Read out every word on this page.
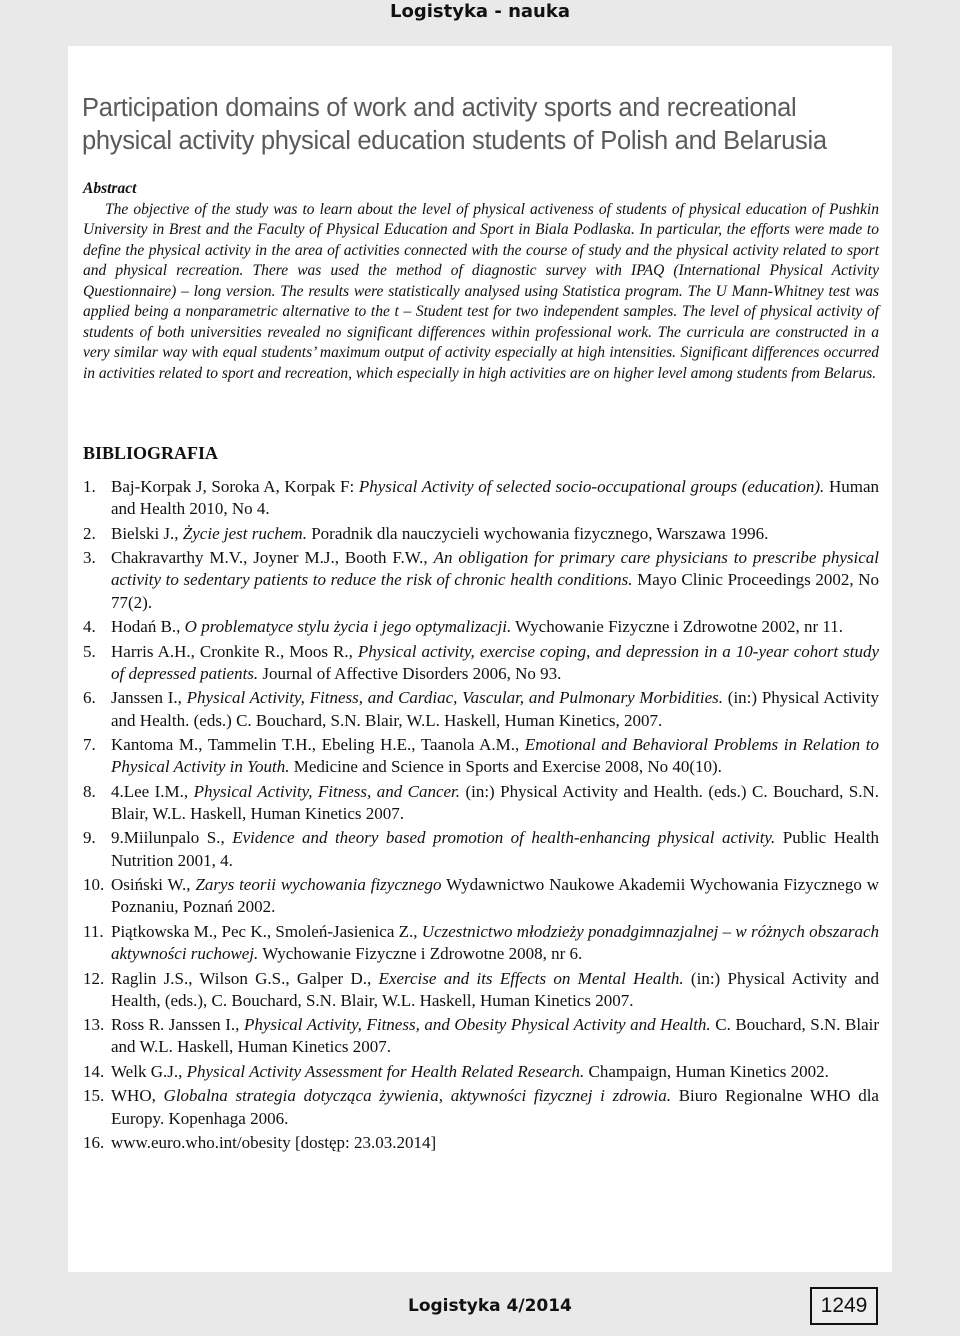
Logistyka - nauka
Participation domains of work and activity sports and recreational physical activity physical education students of Polish and Belarusia
Abstract
The objective of the study was to learn about the level of physical activeness of students of physical education of Pushkin University in Brest and the Faculty of Physical Education and Sport in Biala Podlaska. In particular, the efforts were made to define the physical activity in the area of activities connected with the course of study and the physical activity related to sport and physical recreation. There was used the method of diagnostic survey with IPAQ (International Physical Activity Questionnaire) – long version. The results were statistically analysed using Statistica program. The U Mann-Whitney test was applied being a nonparametric alternative to the t – Student test for two independent samples. The level of physical activity of students of both universities revealed no significant differences within professional work. The curricula are constructed in a very similar way with equal students’ maximum output of activity especially at high intensities. Significant differences occurred in activities related to sport and recreation, which especially in high activities are on higher level among students from Belarus.
BIBLIOGRAFIA
1. Baj-Korpak J, Soroka A, Korpak F: Physical Activity of selected socio-occupational groups (education). Human and Health 2010, No 4.
2. Bielski J., Życie jest ruchem. Poradnik dla nauczycieli wychowania fizycznego, Warszawa 1996.
3. Chakravarthy M.V., Joyner M.J., Booth F.W., An obligation for primary care physicians to prescribe physical activity to sedentary patients to reduce the risk of chronic health conditions. Mayo Clinic Proceedings 2002, No 77(2).
4. Hodań B., O problematyce stylu życia i jego optymalizacji. Wychowanie Fizyczne i Zdrowotne 2002, nr 11.
5. Harris A.H., Cronkite R., Moos R., Physical activity, exercise coping, and depression in a 10-year cohort study of depressed patients. Journal of Affective Disorders 2006, No 93.
6. Janssen I., Physical Activity, Fitness, and Cardiac, Vascular, and Pulmonary Morbidities. (in:) Physical Activity and Health. (eds.) C. Bouchard, S.N. Blair, W.L. Haskell, Human Kinetics, 2007.
7. Kantoma M., Tammelin T.H., Ebeling H.E., Taanola A.M., Emotional and Behavioral Problems in Relation to Physical Activity in Youth. Medicine and Science in Sports and Exercise 2008, No 40(10).
8. 4.Lee I.M., Physical Activity, Fitness, and Cancer. (in:) Physical Activity and Health. (eds.) C. Bouchard, S.N. Blair, W.L. Haskell, Human Kinetics 2007.
9. 9.Miilunpalo S., Evidence and theory based promotion of health-enhancing physical activity. Public Health Nutrition 2001, 4.
10. Osiński W., Zarys teorii wychowania fizycznego Wydawnictwo Naukowe Akademii Wychowania Fizycznego w Poznaniu, Poznań 2002.
11. Piątkowska M., Pec K., Smoleń-Jasienica Z., Uczestnictwo młodzieży ponadgimnazjalnej – w różnych obszarach aktywności ruchowej. Wychowanie Fizyczne i Zdrowotne 2008, nr 6.
12. Raglin J.S., Wilson G.S., Galper D., Exercise and its Effects on Mental Health. (in:) Physical Activity and Health, (eds.), C. Bouchard, S.N. Blair, W.L. Haskell, Human Kinetics 2007.
13. Ross R. Janssen I., Physical Activity, Fitness, and Obesity Physical Activity and Health. C. Bouchard, S.N. Blair and W.L. Haskell, Human Kinetics 2007.
14. Welk G.J., Physical Activity Assessment for Health Related Research. Champaign, Human Kinetics 2002.
15. WHO, Globalna strategia dotycząca żywienia, aktywności fizycznej i zdrowia. Biuro Regionalne WHO dla Europy. Kopenhaga 2006.
16. www.euro.who.int/obesity [dostęp: 23.03.2014]
Logistyka 4/2014	1249
